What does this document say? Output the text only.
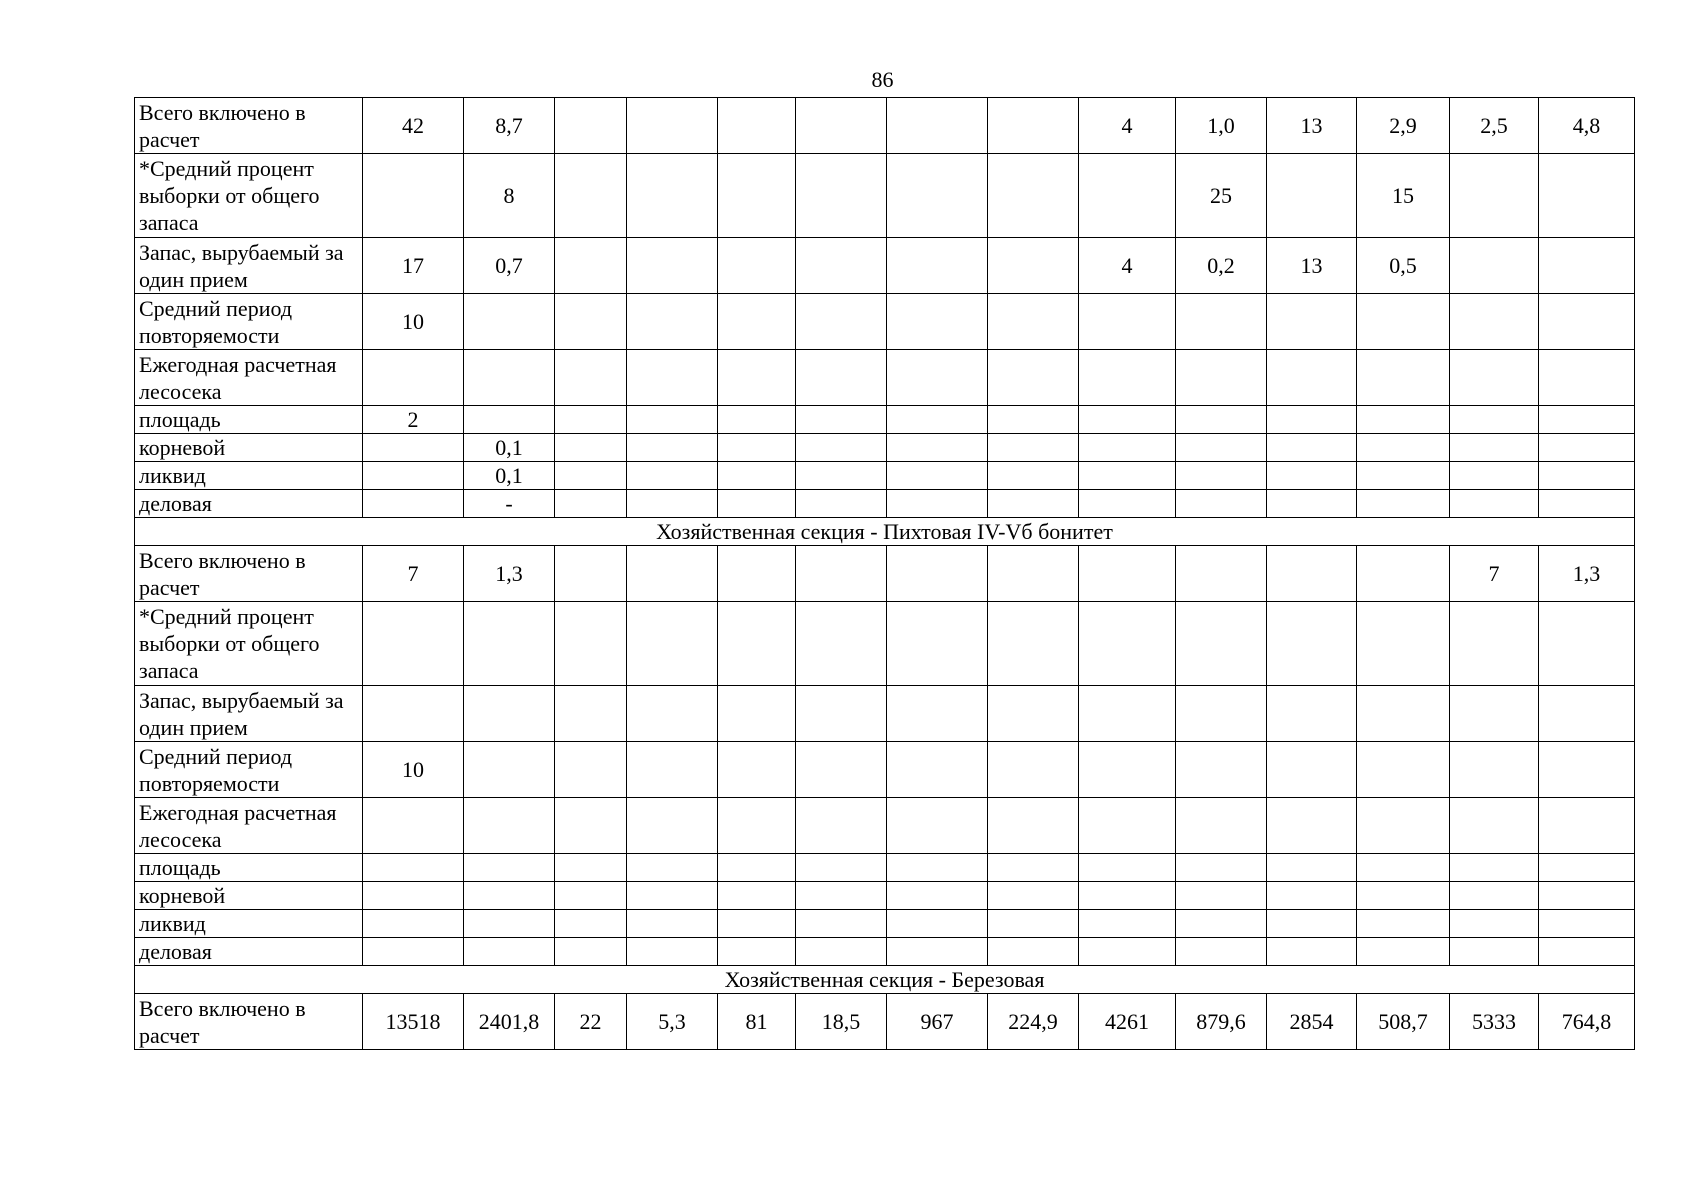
86
Всего включено в расчет	42	8,7							4	1,0	13	2,9	2,5	4,8
*Средний процент выборки от общего запаса		8								25		15		
Запас, вырубаемый за один прием	17	0,7							4	0,2	13	0,5		
Средний период повторяемости	10													
Ежегодная расчетная лесосека														
площадь	2													
корневой		0,1												
ликвид		0,1												
деловая		-												
Хозяйственная секция - Пихтовая IV-Vб бонитет														
Всего включено в расчет	7	1,3											7	1,3
*Средний процент выборки от общего запаса														
Запас, вырубаемый за один прием														
Средний период повторяемости	10													
Ежегодная расчетная лесосека														
площадь														
корневой														
ликвид														
деловая														
Хозяйственная секция - Березовая														
Всего включено в расчет	13518	2401,8	22	5,3	81	18,5	967	224,9	4261	879,6	2854	508,7	5333	764,8
